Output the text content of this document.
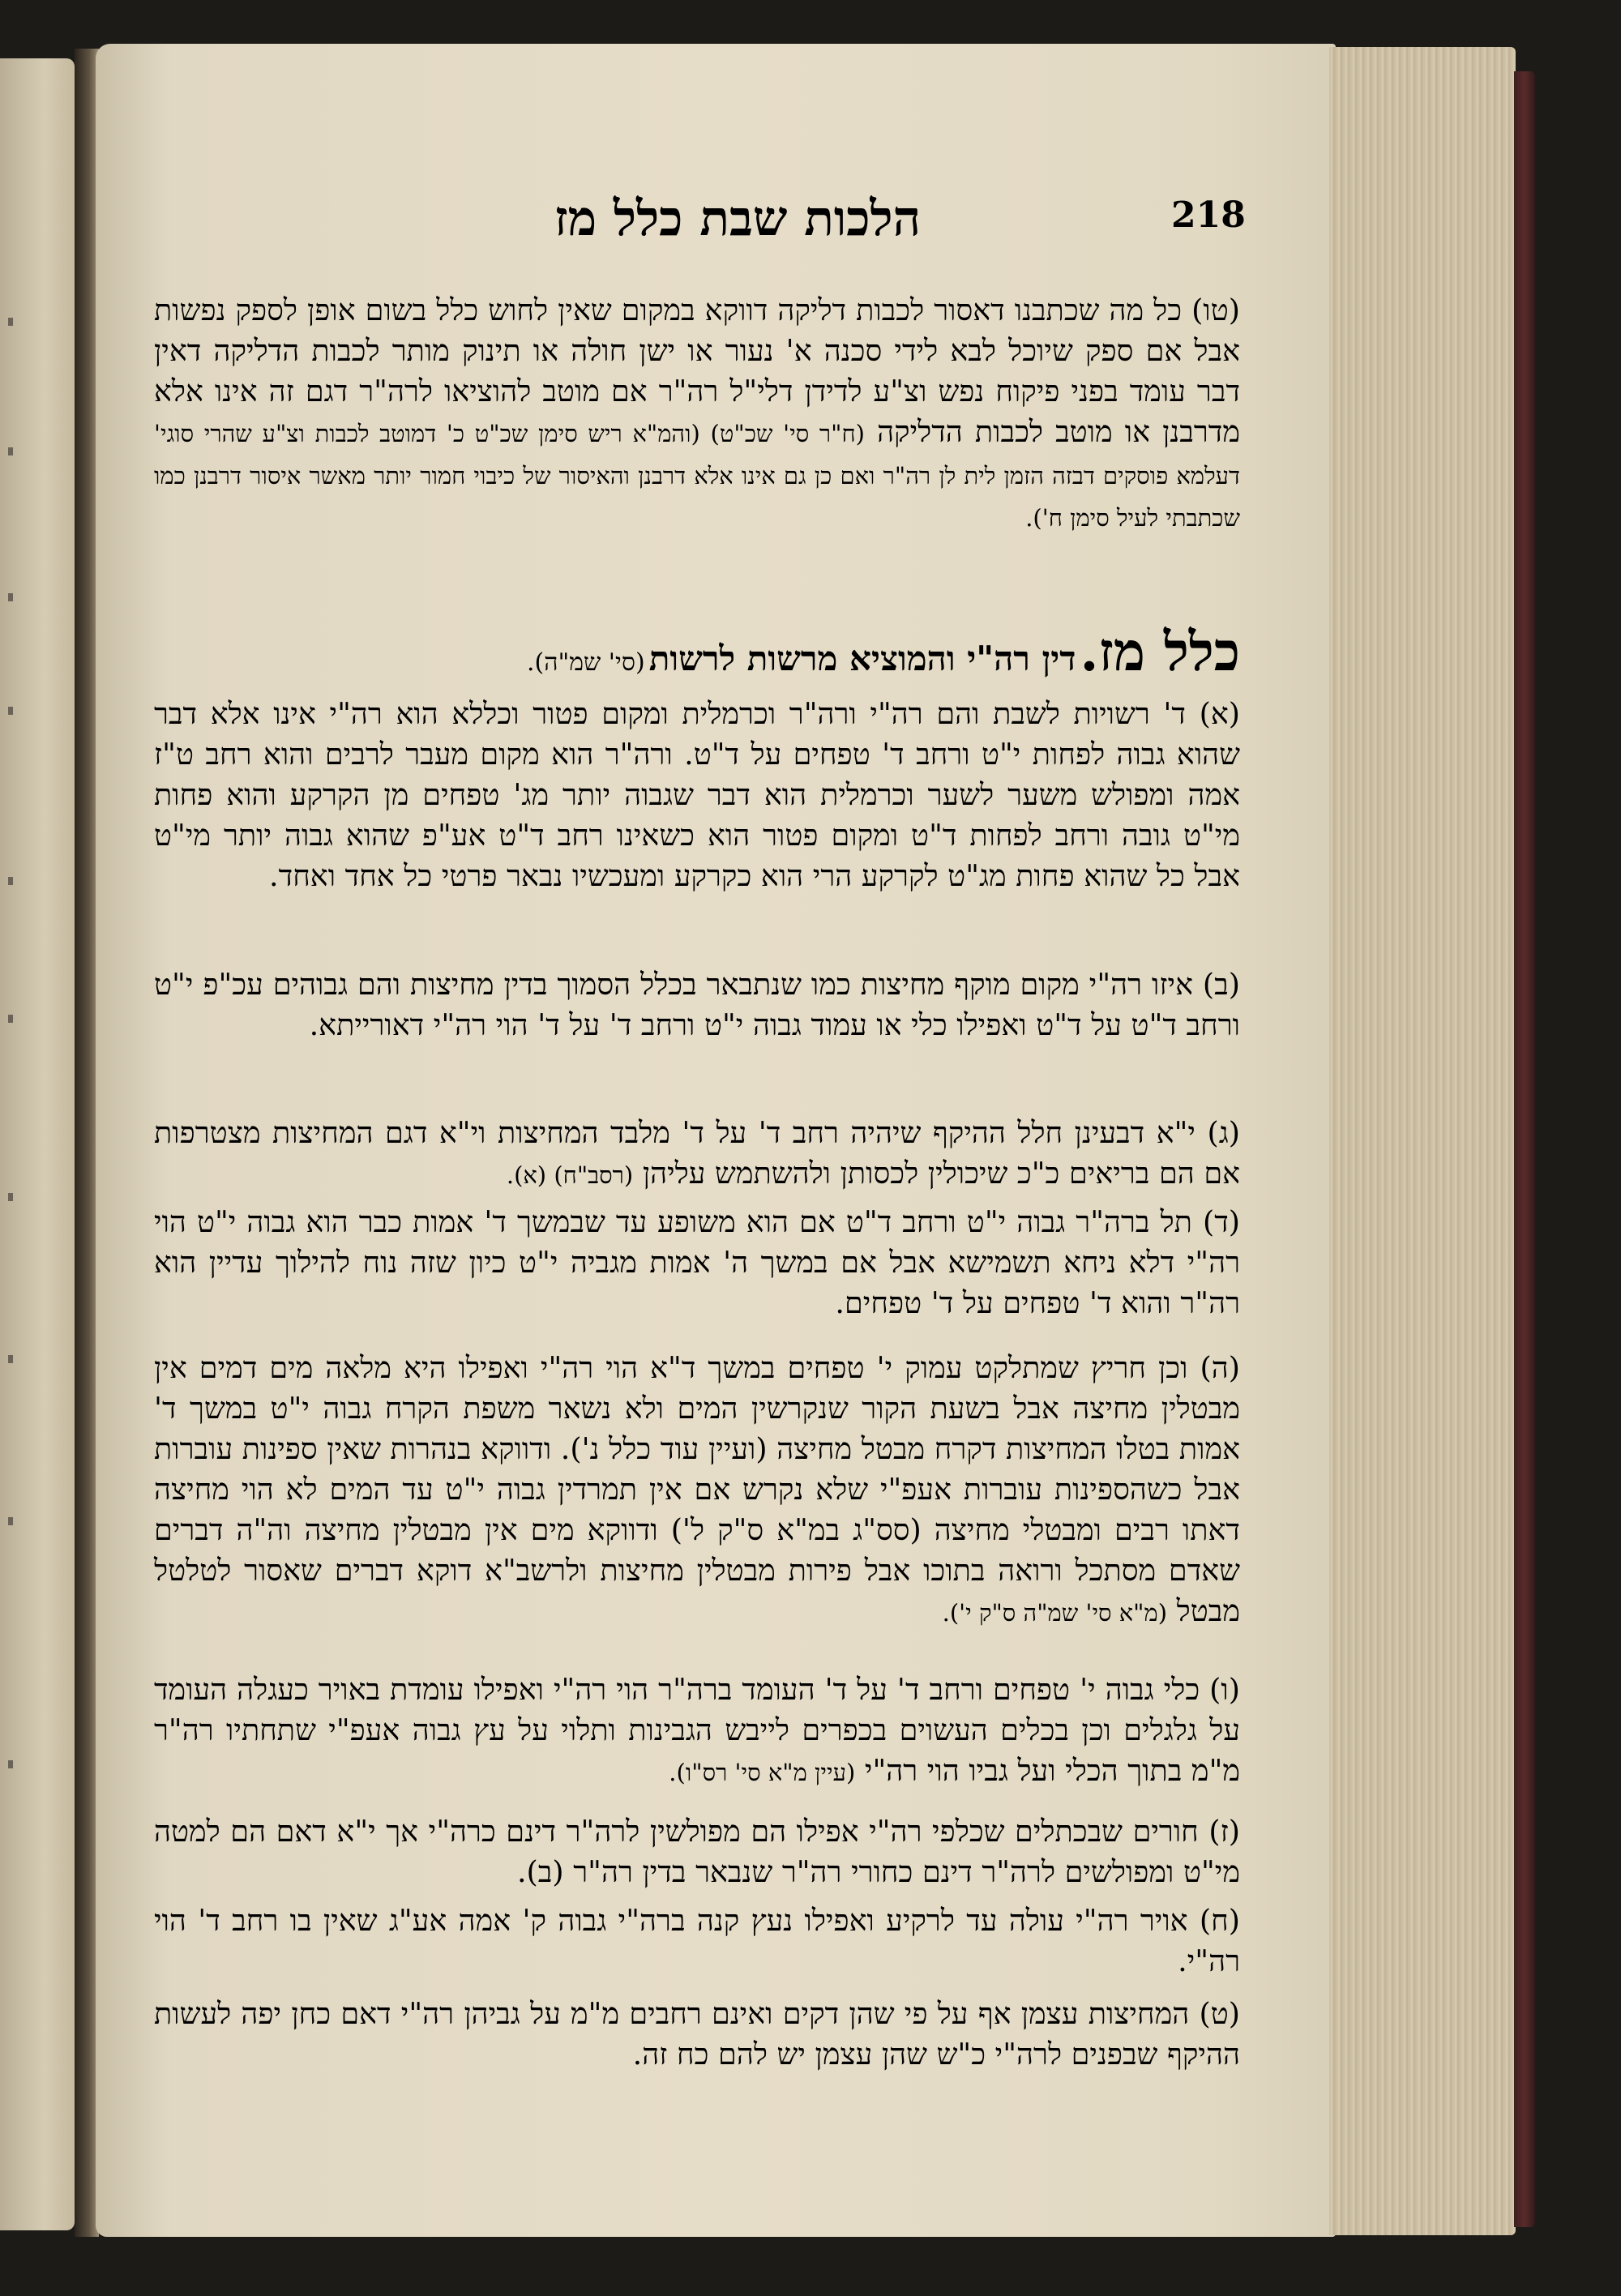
218
הלכות שבת כלל מז
(טו) כל מה שכתבנו דאסור לכבות דליקה דווקא במקום שאין לחוש כלל בשום אופן לספק נפשות אבל אם ספק שיוכל לבא לידי סכנה א' נעור או ישן חולה או תינוק מותר לכבות הדליקה דאין דבר עומד בפני פיקוח נפש וצ"ע לדידן דלי"ל רה"ר אם מוטב להוציאו לרה"ר דגם זה אינו אלא מדרבנן או מוטב לכבות הדליקה (ח"ר סי' שכ"ט) (והמ"א ריש סימן שכ"ט כ' דמוטב לכבות וצ"ע שהרי סוגי' דעלמא פוסקים דבזה הזמן לית לן רה"ר ואם כן גם אינו אלא דרבנן והאיסור של כיבוי חמור יותר מאשר איסור דרבנן כמו שכתבתי לעיל סימן ח').
כלל מז. דין רה"י והמוציא מרשות לרשות (סי' שמ"ה).
(א) ד' רשויות לשבת והם רה"י ורה"ר וכרמלית ומקום פטור וכללא הוא רה"י אינו אלא דבר שהוא גבוה לפחות י"ט ורחב ד' טפחים על ד"ט. ורה"ר הוא מקום מעבר לרבים והוא רחב ט"ז אמה ומפולש משער לשער וכרמלית הוא דבר שגבוה יותר מג' טפחים מן הקרקע והוא פחות מי"ט גובה ורחב לפחות ד"ט ומקום פטור הוא כשאינו רחב ד"ט אע"פ שהוא גבוה יותר מי"ט אבל כל שהוא פחות מג"ט לקרקע הרי הוא כקרקע ומעכשיו נבאר פרטי כל אחד ואחד.
(ב) איזו רה"י מקום מוקף מחיצות כמו שנתבאר בכלל הסמוך בדין מחיצות והם גבוהים עכ"פ י"ט ורחב ד"ט על ד"ט ואפילו כלי או עמוד גבוה י"ט ורחב ד' על ד' הוי רה"י דאורייתא.
(ג) י"א דבעינן חלל ההיקף שיהיה רחב ד' על ד' מלבד המחיצות וי"א דגם המחיצות מצטרפות אם הם בריאים כ"כ שיכולין לכסותן ולהשתמש עליהן (רסב"ח) (א).
(ד) תל ברה"ר גבוה י"ט ורחב ד"ט אם הוא משופע עד שבמשך ד' אמות כבר הוא גבוה י"ט הוי רה"י דלא ניחא תשמישא אבל אם במשך ה' אמות מגביה י"ט כיון שזה נוח להילוך עדיין הוא רה"ר והוא ד' טפחים על ד' טפחים.
(ה) וכן חריץ שמתלקט עמוק י' טפחים במשך ד"א הוי רה"י ואפילו היא מלאה מים דמים אין מבטלין מחיצה אבל בשעת הקור שנקרשין המים ולא נשאר משפת הקרח גבוה י"ט במשך ד' אמות בטלו המחיצות דקרח מבטל מחיצה (ועיין עוד כלל נ'). ודווקא בנהרות שאין ספינות עוברות אבל כשהספינות עוברות אעפ"י שלא נקרש אם אין תמרדין גבוה י"ט עד המים לא הוי מחיצה דאתו רבים ומבטלי מחיצה (סס"ג במ"א ס"ק ל') ודווקא מים אין מבטלין מחיצה וה"ה דברים שאדם מסתכל ורואה בתוכו אבל פירות מבטלין מחיצות ולרשב"א דוקא דברים שאסור לטלטל מבטל (מ"א סי' שמ"ה ס"ק י').
(ו) כלי גבוה י' טפחים ורחב ד' על ד' העומד ברה"ר הוי רה"י ואפילו עומדת באויר כעגלה העומד על גלגלים וכן בכלים העשוים בכפרים לייבש הגבינות ותלוי על עץ גבוה אעפ"י שתחתיו רה"ר מ"מ בתוך הכלי ועל גביו הוי רה"י (עיין מ"א סי' רס"ו).
(ז) חורים שבכתלים שכלפי רה"י אפילו הם מפולשין לרה"ר דינם כרה"י אך י"א דאם הם למטה מי"ט ומפולשים לרה"ר דינם כחורי רה"ר שנבאר בדין רה"ר (ב).
(ח) אויר רה"י עולה עד לרקיע ואפילו נעץ קנה ברה"י גבוה ק' אמה אע"ג שאין בו רחב ד' הוי רה"י.
(ט) המחיצות עצמן אף על פי שהן דקים ואינם רחבים מ"מ על גביהן רה"י דאם כחן יפה לעשות ההיקף שבפנים לרה"י כ"ש שהן עצמן יש להם כח זה.
